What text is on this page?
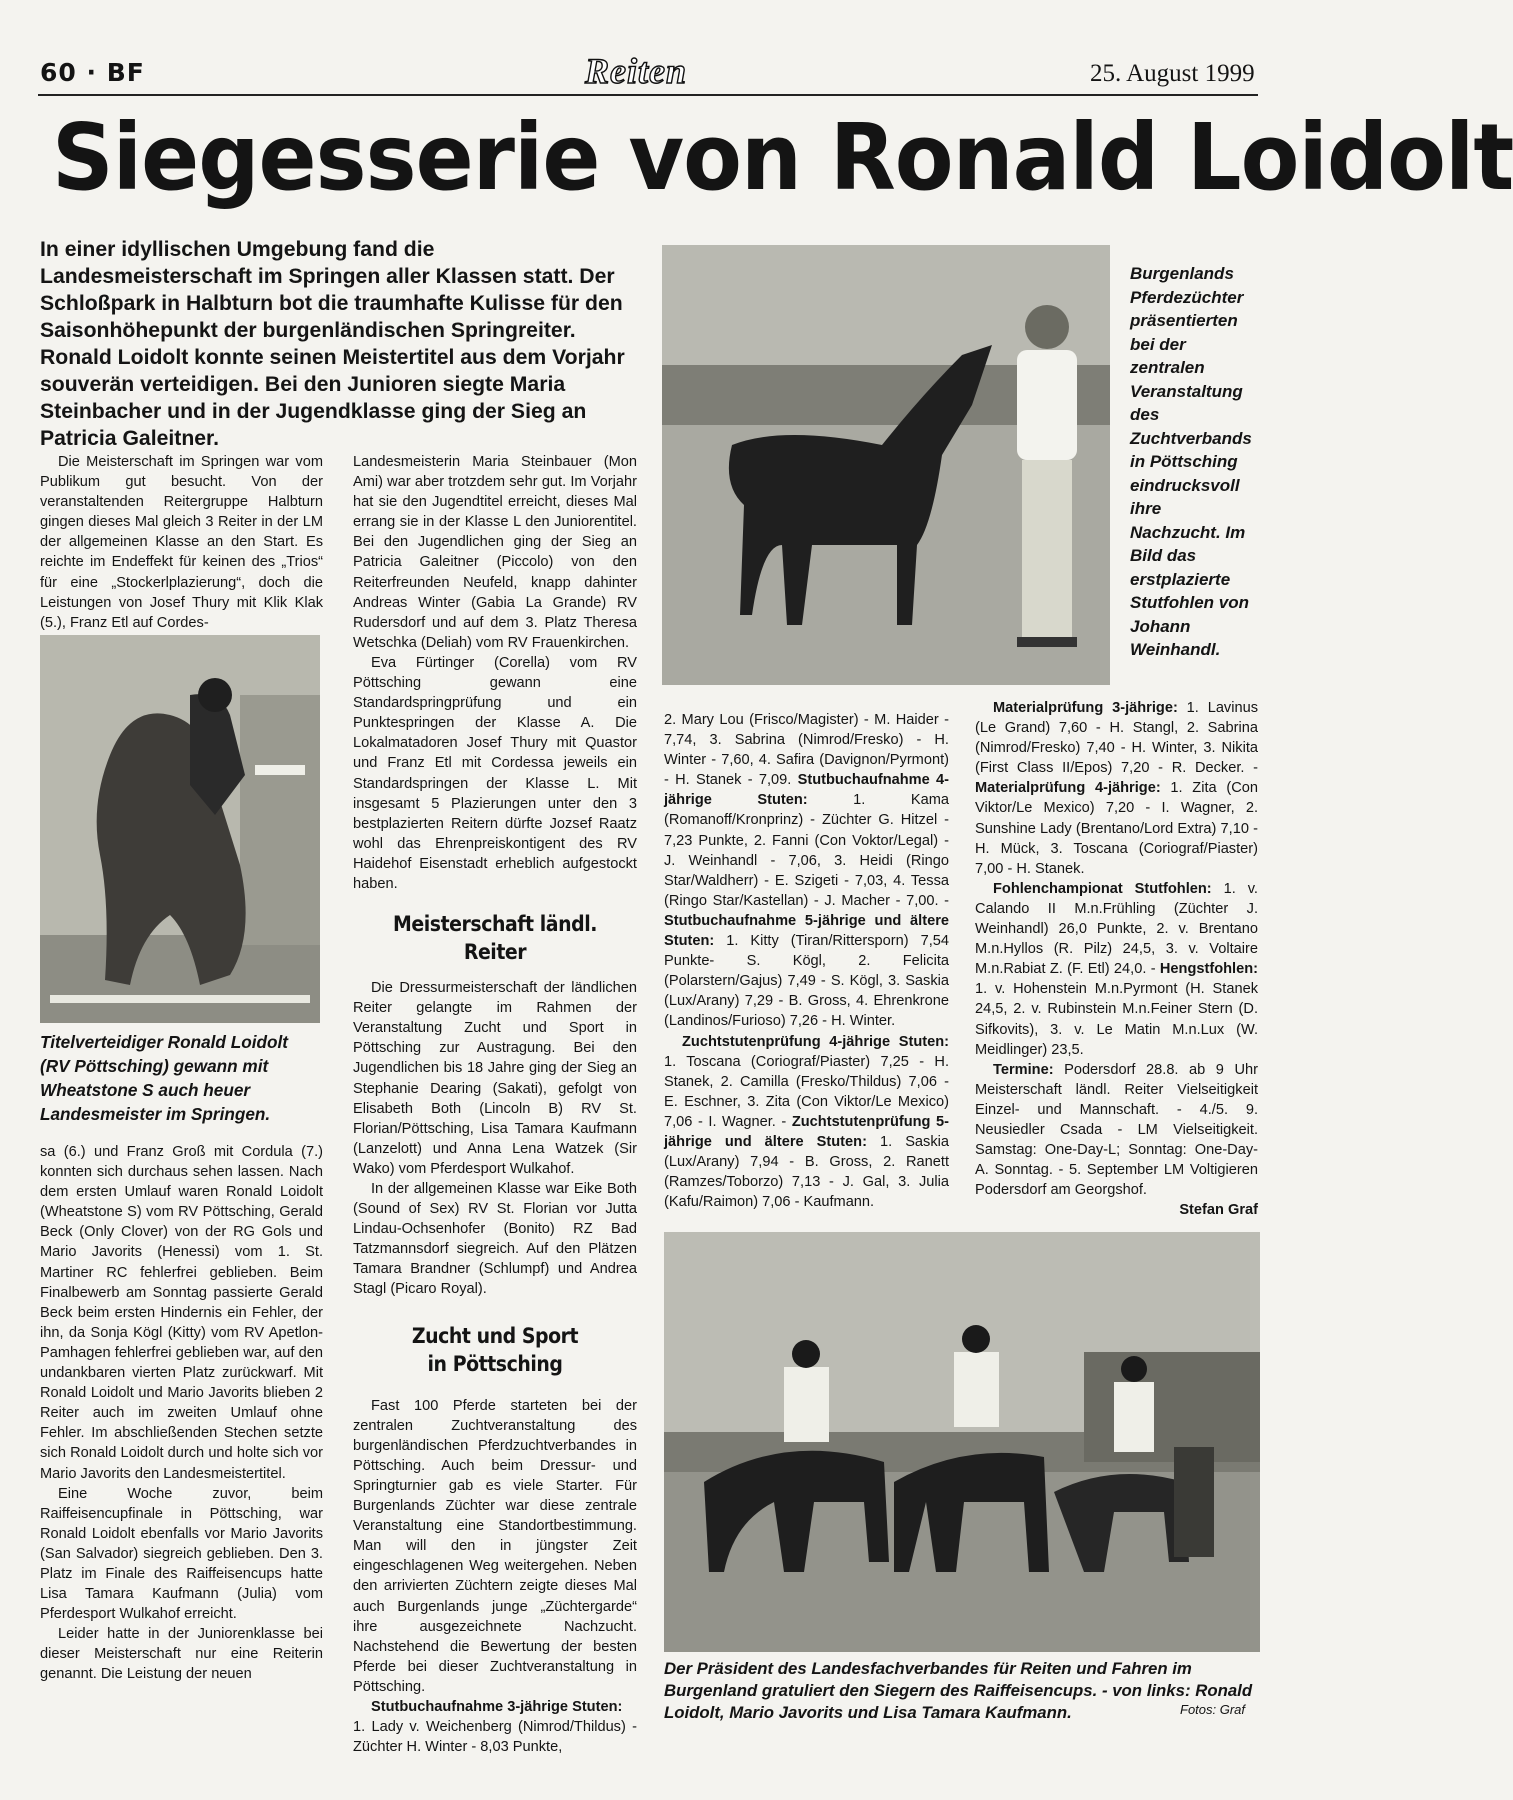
60 · BF	Reiten	25. August 1999
Siegesserie von Ronald Loidolt

In einer idyllischen Umgebung fand die Landesmeisterschaft im Springen aller Klassen statt. Der Schloßpark in Halbturn bot die traumhafte Kulisse für den Saisonhöhepunkt der burgenländischen Springreiter. Ronald Loidolt konnte seinen Meistertitel aus dem Vorjahr souverän verteidigen. Bei den Junioren siegte Maria Steinbacher und in der Jugendklasse ging der Sieg an Patricia Galeitner.

Die Meisterschaft im Springen war vom Publikum gut besucht. Von der veranstaltenden Reitergruppe Halbturn gingen dieses Mal gleich 3 Reiter in der LM der allgemeinen Klasse an den Start. Es reichte im Endeffekt für keinen des „Trios“ für eine „Stockerlplazierung“, doch die Leistungen von Josef Thury mit Klik Klak (5.), Franz Etl auf Cordes-

Titelverteidiger Ronald Loidolt (RV Pöttsching) gewann mit Wheatstone S auch heuer Landesmeister im Springen.

sa (6.) und Franz Groß mit Cordula (7.) konnten sich durchaus sehen lassen. Nach dem ersten Umlauf waren Ronald Loidolt (Wheatstone S) vom RV Pöttsching, Gerald Beck (Only Clover) von der RG Gols und Mario Javorits (Henessi) vom 1. St. Martiner RC fehlerfrei geblieben. Beim Finalbewerb am Sonntag passierte Gerald Beck beim ersten Hindernis ein Fehler, der ihn, da Sonja Kögl (Kitty) vom RV Apetlon-Pamhagen fehlerfrei geblieben war, auf den undankbaren vierten Platz zurückwarf. Mit Ronald Loidolt und Mario Javorits blieben 2 Reiter auch im zweiten Umlauf ohne Fehler. Im abschließenden Stechen setzte sich Ronald Loidolt durch und holte sich vor Mario Javorits den Landesmeistertitel.

Eine Woche zuvor, beim Raiffeisencupfinale in Pöttsching, war Ronald Loidolt ebenfalls vor Mario Javorits (San Salvador) siegreich geblieben. Den 3. Platz im Finale des Raiffeisencups hatte Lisa Tamara Kaufmann (Julia) vom Pferdesport Wulkahof erreicht.

Leider hatte in der Juniorenklasse bei dieser Meisterschaft nur eine Reiterin genannt. Die Leistung der neuen

Landesmeisterin Maria Steinbauer (Mon Ami) war aber trotzdem sehr gut. Im Vorjahr hat sie den Jugendtitel erreicht, dieses Mal errang sie in der Klasse L den Juniorentitel. Bei den Jugendlichen ging der Sieg an Patricia Galeitner (Piccolo) von den Reiterfreunden Neufeld, knapp dahinter Andreas Winter (Gabia La Grande) RV Rudersdorf und auf dem 3. Platz Theresa Wetschka (Deliah) vom RV Frauenkirchen.

Eva Fürtinger (Corella) vom RV Pöttsching gewann eine Standardspringprüfung und ein Punktespringen der Klasse A. Die Lokalmatadoren Josef Thury mit Quastor und Franz Etl mit Cordessa jeweils ein Standardspringen der Klasse L. Mit insgesamt 5 Plazierungen unter den 3 bestplazierten Reitern dürfte Jozsef Raatz wohl das Ehrenpreiskontigent des RV Haidehof Eisenstadt erheblich aufgestockt haben.

Meisterschaft ländl. Reiter

Die Dressurmeisterschaft der ländlichen Reiter gelangte im Rahmen der Veranstaltung Zucht und Sport in Pöttsching zur Austragung. Bei den Jugendlichen bis 18 Jahre ging der Sieg an Stephanie Dearing (Sakati), gefolgt von Elisabeth Both (Lincoln B) RV St. Florian/Pöttsching, Lisa Tamara Kaufmann (Lanzelott) und Anna Lena Watzek (Sir Wako) vom Pferdesport Wulkahof.

In der allgemeinen Klasse war Eike Both (Sound of Sex) RV St. Florian vor Jutta Lindau-Ochsenhofer (Bonito) RZ Bad Tatzmannsdorf siegreich. Auf den Plätzen Tamara Brandner (Schlumpf) und Andrea Stagl (Picaro Royal).

Zucht und Sport
in Pöttsching

Fast 100 Pferde starteten bei der zentralen Zuchtveranstaltung des burgenländischen Pferdzuchtverbandes in Pöttsching. Auch beim Dressur- und Springturnier gab es viele Starter. Für Burgenlands Züchter war diese zentrale Veranstaltung eine Standortbestimmung. Man will den in jüngster Zeit eingeschlagenen Weg weitergehen. Neben den arrivierten Züchtern zeigte dieses Mal auch Burgenlands junge „Züchtergarde“ ihre ausgezeichnete Nachzucht. Nachstehend die Bewertung der besten Pferde bei dieser Zuchtveranstaltung in Pöttsching.

Stutbuchaufnahme 3-jährige Stuten:

1. Lady v. Weichenberg (Nimrod/Thildus) - Züchter H. Winter - 8,03 Punkte,

Burgenlands Pferdezüchter präsentierten bei der zentralen Veranstaltung des Zuchtverbands in Pöttsching eindrucksvoll ihre Nachzucht. Im Bild das erstplazierte Stutfohlen von Johann Weinhandl.

2. Mary Lou (Frisco/Magister) - M. Haider - 7,74, 3. Sabrina (Nimrod/Fresko) - H. Winter - 7,60, 4. Safira (Davignon/Pyrmont) - H. Stanek - 7,09. Stutbuchaufnahme 4-jährige Stuten: 1. Kama (Romanoff/Kronprinz) - Züchter G. Hitzel - 7,23 Punkte, 2. Fanni (Con Voktor/Legal) - J. Weinhandl - 7,06, 3. Heidi (Ringo Star/Waldherr) - E. Szigeti - 7,03, 4. Tessa (Ringo Star/Kastellan) - J. Macher - 7,00. - Stutbuchaufnahme 5-jährige und ältere Stuten: 1. Kitty (Tiran/Rittersporn) 7,54 Punkte- S. Kögl, 2. Felicita (Polarstern/Gajus) 7,49 - S. Kögl, 3. Saskia (Lux/Arany) 7,29 - B. Gross, 4. Ehrenkrone (Landinos/Furioso) 7,26 - H. Winter.

Zuchtstutenprüfung 4-jährige Stuten: 1. Toscana (Coriograf/Piaster) 7,25 - H. Stanek, 2. Camilla (Fresko/Thildus) 7,06 - E. Eschner, 3. Zita (Con Viktor/Le Mexico) 7,06 - I. Wagner. - Zuchtstutenprüfung 5-jährige und ältere Stuten: 1. Saskia (Lux/Arany) 7,94 - B. Gross, 2. Ranett (Ramzes/Toborzo) 7,13 - J. Gal, 3. Julia (Kafu/Raimon) 7,06 - Kaufmann.

Materialprüfung 3-jährige: 1. Lavinus (Le Grand) 7,60 - H. Stangl, 2. Sabrina (Nimrod/Fresko) 7,40 - H. Winter, 3. Nikita (First Class II/Epos) 7,20 - R. Decker. - Materialprüfung 4-jährige: 1. Zita (Con Viktor/Le Mexico) 7,20 - I. Wagner, 2. Sunshine Lady (Brentano/Lord Extra) 7,10 - H. Mück, 3. Toscana (Coriograf/Piaster) 7,00 - H. Stanek.

Fohlenchampionat Stutfohlen: 1. v. Calando II M.n.Frühling (Züchter J. Weinhandl) 26,0 Punkte, 2. v. Brentano M.n.Hyllos (R. Pilz) 24,5, 3. v. Voltaire M.n.Rabiat Z. (F. Etl) 24,0. - Hengstfohlen: 1. v. Hohenstein M.n.Pyrmont (H. Stanek 24,5, 2. v. Rubinstein M.n.Feiner Stern (D. Sifkovits), 3. v. Le Matin M.n.Lux (W. Meidlinger) 23,5.

Termine: Podersdorf 28.8. ab 9 Uhr Meisterschaft ländl. Reiter Vielseitigkeit Einzel- und Mannschaft. - 4./5. 9. Neusiedler Csada - LM Vielseitigkeit. Samstag: One-Day-L; Sonntag: One-Day-A. Sonntag. - 5. September LM Voltigieren Podersdorf am Georgshof.

Stefan Graf

Der Präsident des Landesfachverbandes für Reiten und Fahren im Burgenland gratuliert den Siegern des Raiffeisencups. - von links: Ronald Loidolt, Mario Javorits und Lisa Tamara Kaufmann.	Fotos: Graf
